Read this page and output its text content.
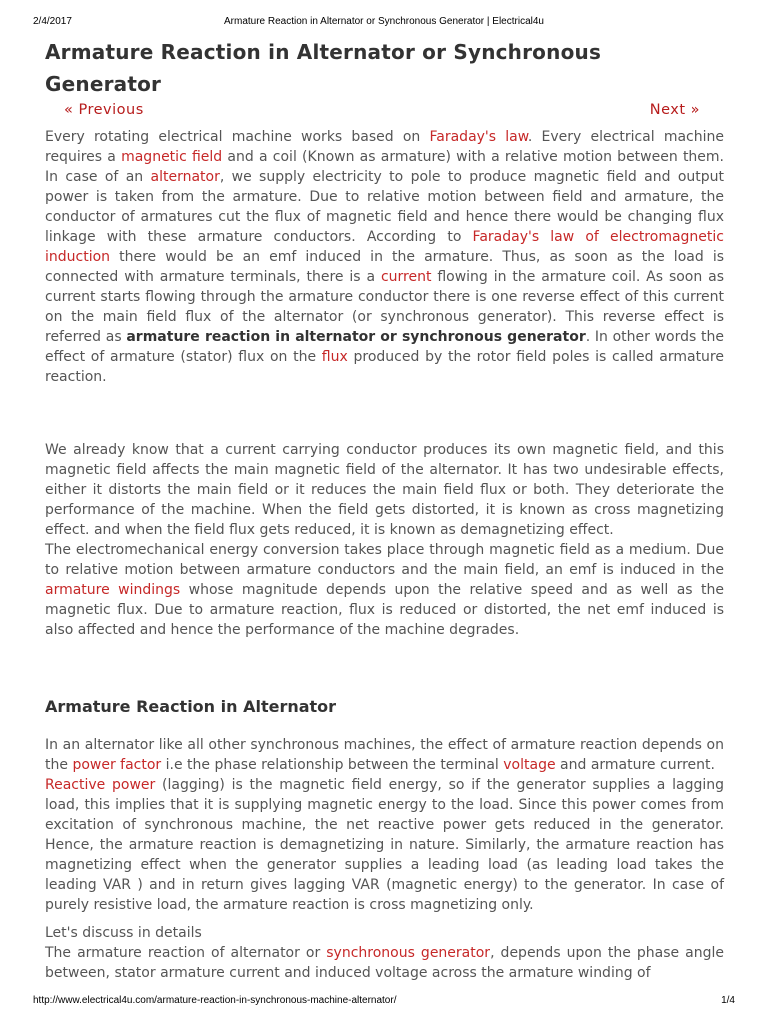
2/4/2017	Armature Reaction in Alternator or Synchronous Generator | Electrical4u
Armature Reaction in Alternator or Synchronous Generator
« Previous	Next »

Every rotating electrical machine works based on Faraday's law. Every electrical machine requires a magnetic field and a coil (Known as armature) with a relative motion between them. In case of an alternator, we supply electricity to pole to produce magnetic field and output power is taken from the armature. Due to relative motion between field and armature, the conductor of armatures cut the flux of magnetic field and hence there would be changing flux linkage with these armature conductors. According to Faraday's law of electromagnetic induction there would be an emf induced in the armature. Thus, as soon as the load is connected with armature terminals, there is a current flowing in the armature coil. As soon as current starts flowing through the armature conductor there is one reverse effect of this current on the main field flux of the alternator (or synchronous generator). This reverse effect is referred as armature reaction in alternator or synchronous generator. In other words the effect of armature (stator) flux on the flux produced by the rotor field poles is called armature reaction.

We already know that a current carrying conductor produces its own magnetic field, and this magnetic field affects the main magnetic field of the alternator. It has two undesirable effects, either it distorts the main field or it reduces the main field flux or both. They deteriorate the performance of the machine. When the field gets distorted, it is known as cross magnetizing effect. and when the field flux gets reduced, it is known as demagnetizing effect.

The electromechanical energy conversion takes place through magnetic field as a medium. Due to relative motion between armature conductors and the main field, an emf is induced in the armature windings whose magnitude depends upon the relative speed and as well as the magnetic flux. Due to armature reaction, flux is reduced or distorted, the net emf induced is also affected and hence the performance of the machine degrades.

Armature Reaction in Alternator

In an alternator like all other synchronous machines, the effect of armature reaction depends on the power factor i.e the phase relationship between the terminal voltage and armature current.

Reactive power (lagging) is the magnetic field energy, so if the generator supplies a lagging load, this implies that it is supplying magnetic energy to the load. Since this power comes from excitation of synchronous machine, the net reactive power gets reduced in the generator. Hence, the armature reaction is demagnetizing in nature. Similarly, the armature reaction has magnetizing effect when the generator supplies a leading load (as leading load takes the leading VAR ) and in return gives lagging VAR (magnetic energy) to the generator. In case of purely resistive load, the armature reaction is cross magnetizing only.

Let's discuss in details

The armature reaction of alternator or synchronous generator, depends upon the phase angle between, stator armature current and induced voltage across the armature winding of

http://www.electrical4u.com/armature-reaction-in-synchronous-machine-alternator/	1/4
